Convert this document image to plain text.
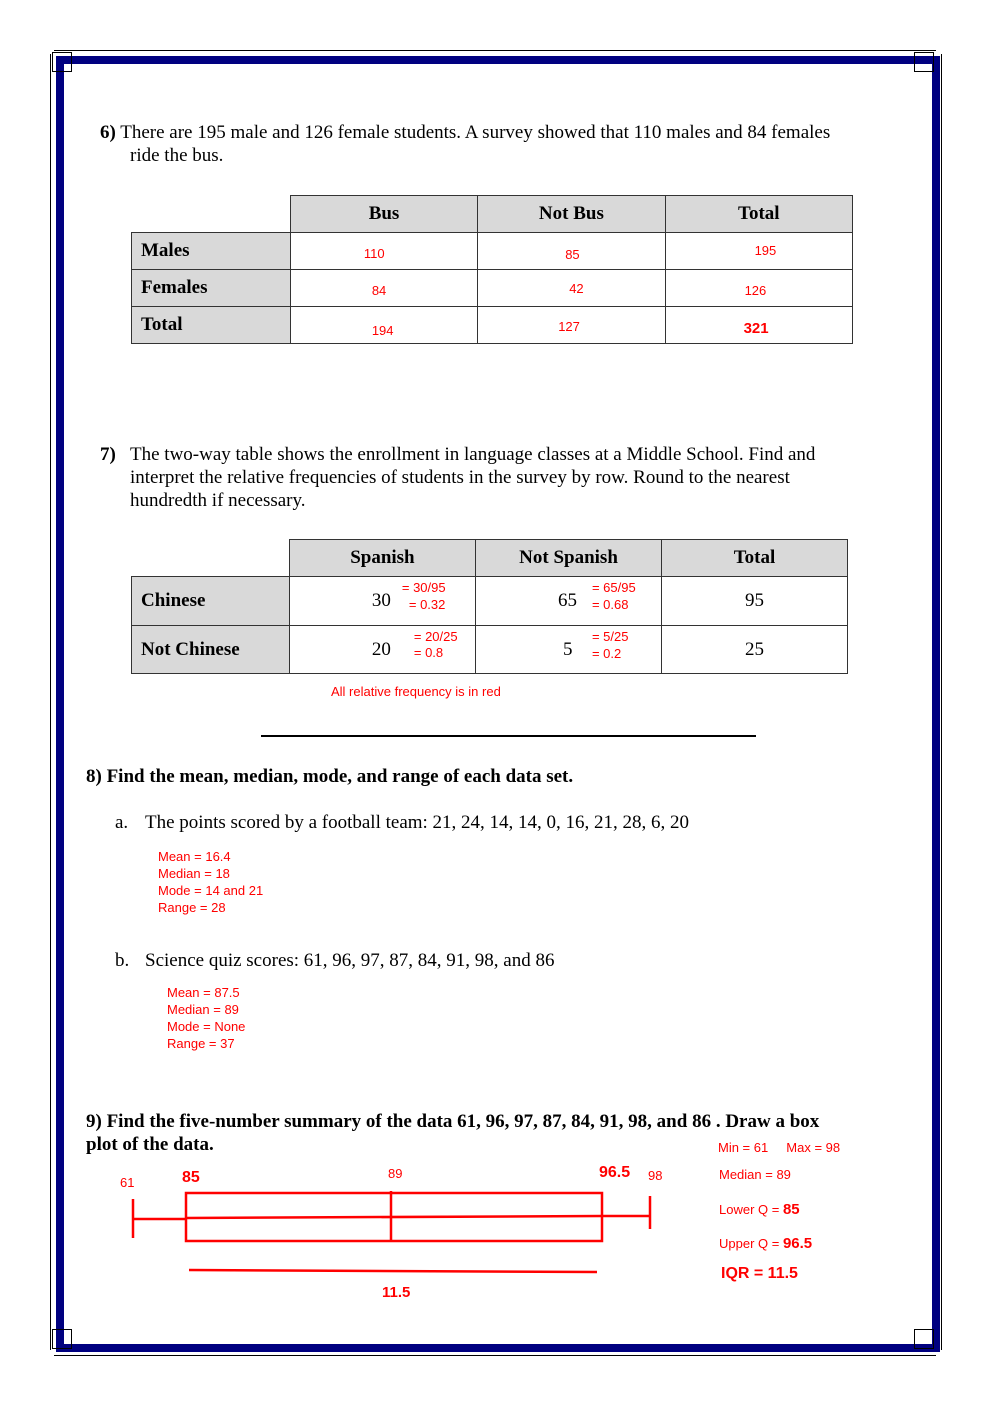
6) There are 195 male and 126 female students. A survey showed that 110 males and 84 females
ride the bus.
	Bus	Not Bus	Total
Males	110	85	195

Females	84	42	126

Total	194	127	321
7) The two-way table shows the enrollment in language classes at a Middle School. Find and
interpret the relative frequencies of students in the survey by row. Round to the nearest
hundredth if necessary.
	Spanish	Not Spanish	Total
Chinese	30
= 30/95
= 0.32	65
= 65/95
= 0.68	95
Not Chinese	20
= 20/25
= 0.8	5
= 5/25
= 0.2	25
All relative frequency is in red
8) Find the mean, median, mode, and range of each data set.
a. The points scored by a football team: 21, 24, 14, 14, 0, 16, 21, 28, 6, 20
Mean = 16.4
Median = 18
Mode = 14 and 21
Range = 28
b. Science quiz scores: 61, 96, 97, 87, 84, 91, 98, and 86
Mean = 87.5
Median = 89
Mode = None
Range = 37
9) Find the five-number summary of the data 61, 96, 97, 87, 84, 91, 98, and 86 . Draw a box
plot of the data.	Min = 61     Max = 98
Median = 89
Lower Q = 85
Upper Q = 96.5
IQR = 11.5
61	85	89	96.5 98
11.5
